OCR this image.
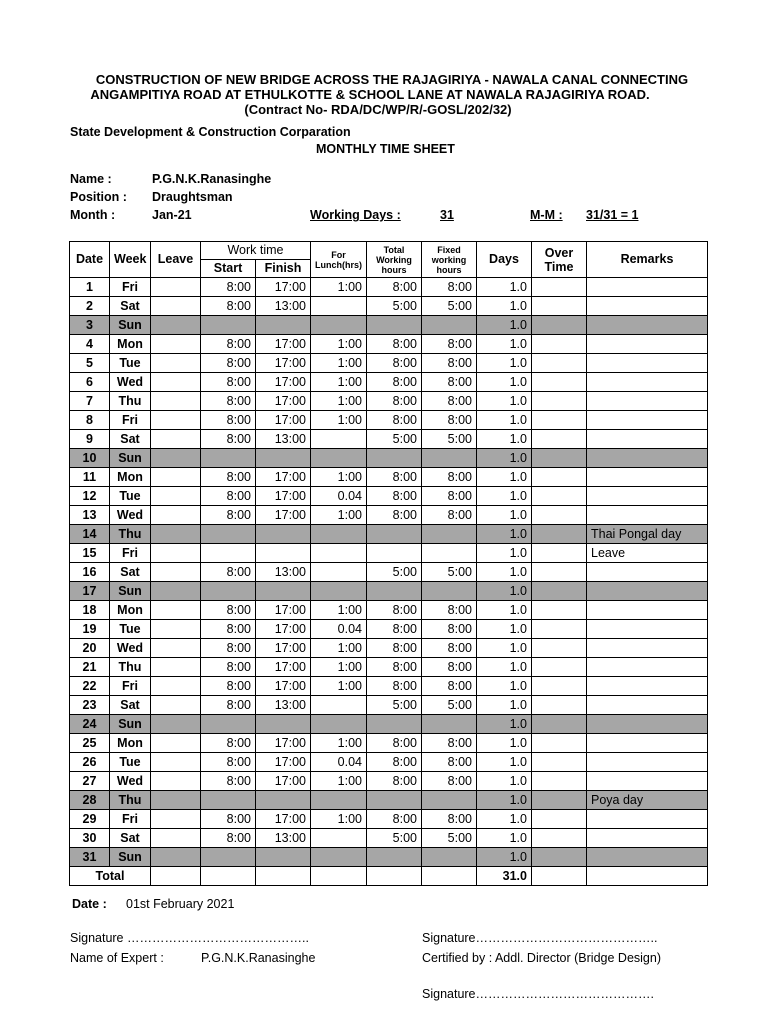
CONSTRUCTION OF NEW BRIDGE ACROSS THE RAJAGIRIYA - NAWALA CANAL CONNECTING
ANGAMPITIYA ROAD AT ETHULKOTTE & SCHOOL LANE AT NAWALA RAJAGIRIYA ROAD.
(Contract No- RDA/DC/WP/R/-GOSL/202/32)
State Development & Construction Corparation
MONTHLY TIME SHEET
Name :	P.G.N.K.Ranasinghe
Position : Draughtsman
Month :	Jan-21	Working Days :	31	M-M : 31/31 = 1
Date	Week	Leave	Work time		For Lunch(hrs)	Total Working hours	Fixed working hours	Days	Over Time	Remarks
			Start	Finish						
1	Fri		8:00	17:00	1:00	8:00	8:00	1.0		
2	Sat		8:00	13:00		5:00	5:00	1.0		
3	Sun							1.0		
4	Mon		8:00	17:00	1:00	8:00	8:00	1.0		
5	Tue		8:00	17:00	1:00	8:00	8:00	1.0		
6	Wed		8:00	17:00	1:00	8:00	8:00	1.0		
7	Thu		8:00	17:00	1:00	8:00	8:00	1.0		
8	Fri		8:00	17:00	1:00	8:00	8:00	1.0		
9	Sat		8:00	13:00		5:00	5:00	1.0		
10	Sun							1.0		
11	Mon		8:00	17:00	1:00	8:00	8:00	1.0		
12	Tue		8:00	17:00	0.04	8:00	8:00	1.0		
13	Wed		8:00	17:00	1:00	8:00	8:00	1.0		
14	Thu							1.0		Thai Pongal day
15	Fri							1.0		Leave
16	Sat		8:00	13:00		5:00	5:00	1.0		
17	Sun							1.0		
18	Mon		8:00	17:00	1:00	8:00	8:00	1.0		
19	Tue		8:00	17:00	0.04	8:00	8:00	1.0		
20	Wed		8:00	17:00	1:00	8:00	8:00	1.0		
21	Thu		8:00	17:00	1:00	8:00	8:00	1.0		
22	Fri		8:00	17:00	1:00	8:00	8:00	1.0		
23	Sat		8:00	13:00		5:00	5:00	1.0		
24	Sun							1.0		
25	Mon		8:00	17:00	1:00	8:00	8:00	1.0		
26	Tue		8:00	17:00	0.04	8:00	8:00	1.0		
27	Wed		8:00	17:00	1:00	8:00	8:00	1.0		
28	Thu							1.0		Poya day
29	Fri		8:00	17:00	1:00	8:00	8:00	1.0		
30	Sat		8:00	13:00		5:00	5:00	1.0		
31	Sun							1.0		
Total								31.0		
Date : 01st February 2021
Signature ……………………………………..	Signature……………………………………..
Name of Expert :	P.G.N.K.Ranasinghe	Certified by : Addl. Director (Bridge Design)
Signature…………………………………….
